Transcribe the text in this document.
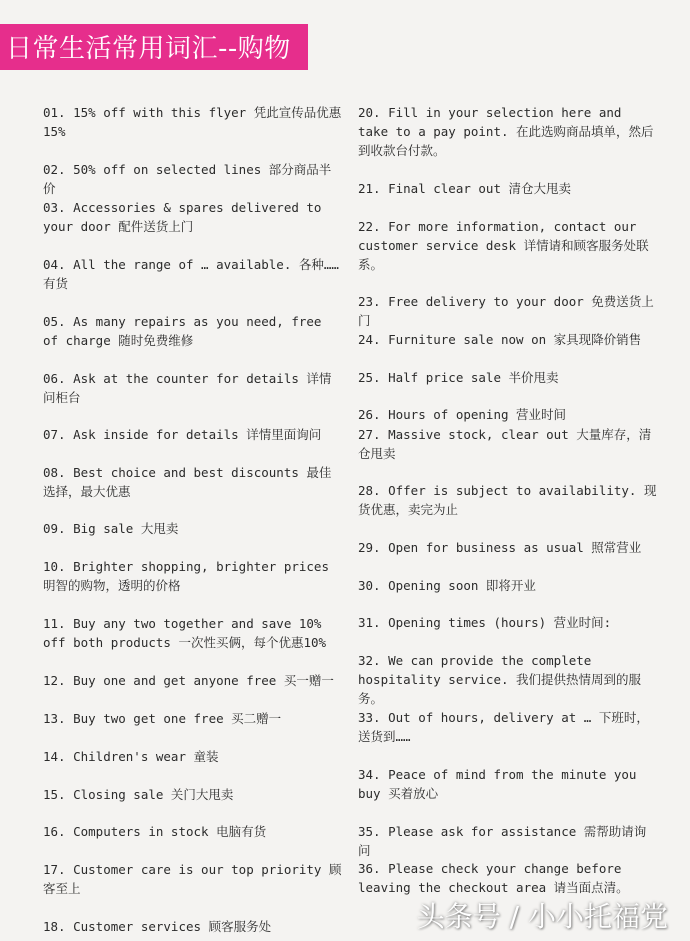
日常生活常用词汇--购物
01. 15% off with this flyer 凭此宣传品优惠15%
02. 50% off on selected lines 部分商品半价
03. Accessories & spares delivered to your door 配件送货上门
04. All the range of … available. 各种……有货
05. As many repairs as you need, free of charge 随时免费维修
06. Ask at the counter for details 详情问柜台
07. Ask inside for details 详情里面询问
08. Best choice and best discounts 最佳选择，最大优惠
09. Big sale 大甩卖
10. Brighter shopping, brighter prices 明智的购物，透明的价格
11. Buy any two together and save 10% off both products 一次性买俩，每个优惠10%
12. Buy one and get anyone free 买一赠一
13. Buy two get one free 买二赠一
14. Children's wear 童装
15. Closing sale 关门大甩卖
16. Computers in stock 电脑有货
17. Customer care is our top priority 顾客至上
18. Customer services 顾客服务处
20. Fill in your selection here and take to a pay point. 在此选购商品填单，然后到收款台付款。
21. Final clear out 清仓大甩卖
22. For more information, contact our customer service desk 详情请和顾客服务处联系。
23. Free delivery to your door 免费送货上门
24. Furniture sale now on 家具现降价销售
25. Half price sale 半价甩卖
26. Hours of opening 营业时间
27. Massive stock, clear out 大量库存，清仓甩卖
28. Offer is subject to availability. 现货优惠，卖完为止
29. Open for business as usual 照常营业
30. Opening soon 即将开业
31. Opening times (hours) 营业时间:
32. We can provide the complete hospitality service. 我们提供热情周到的服务。
33. Out of hours, delivery at … 下班时，送货到……
34. Peace of mind from the minute you buy 买着放心
35. Please ask for assistance 需帮助请询问
36. Please check your change before leaving the checkout area 请当面点清。
头条号 / 小小托福党
